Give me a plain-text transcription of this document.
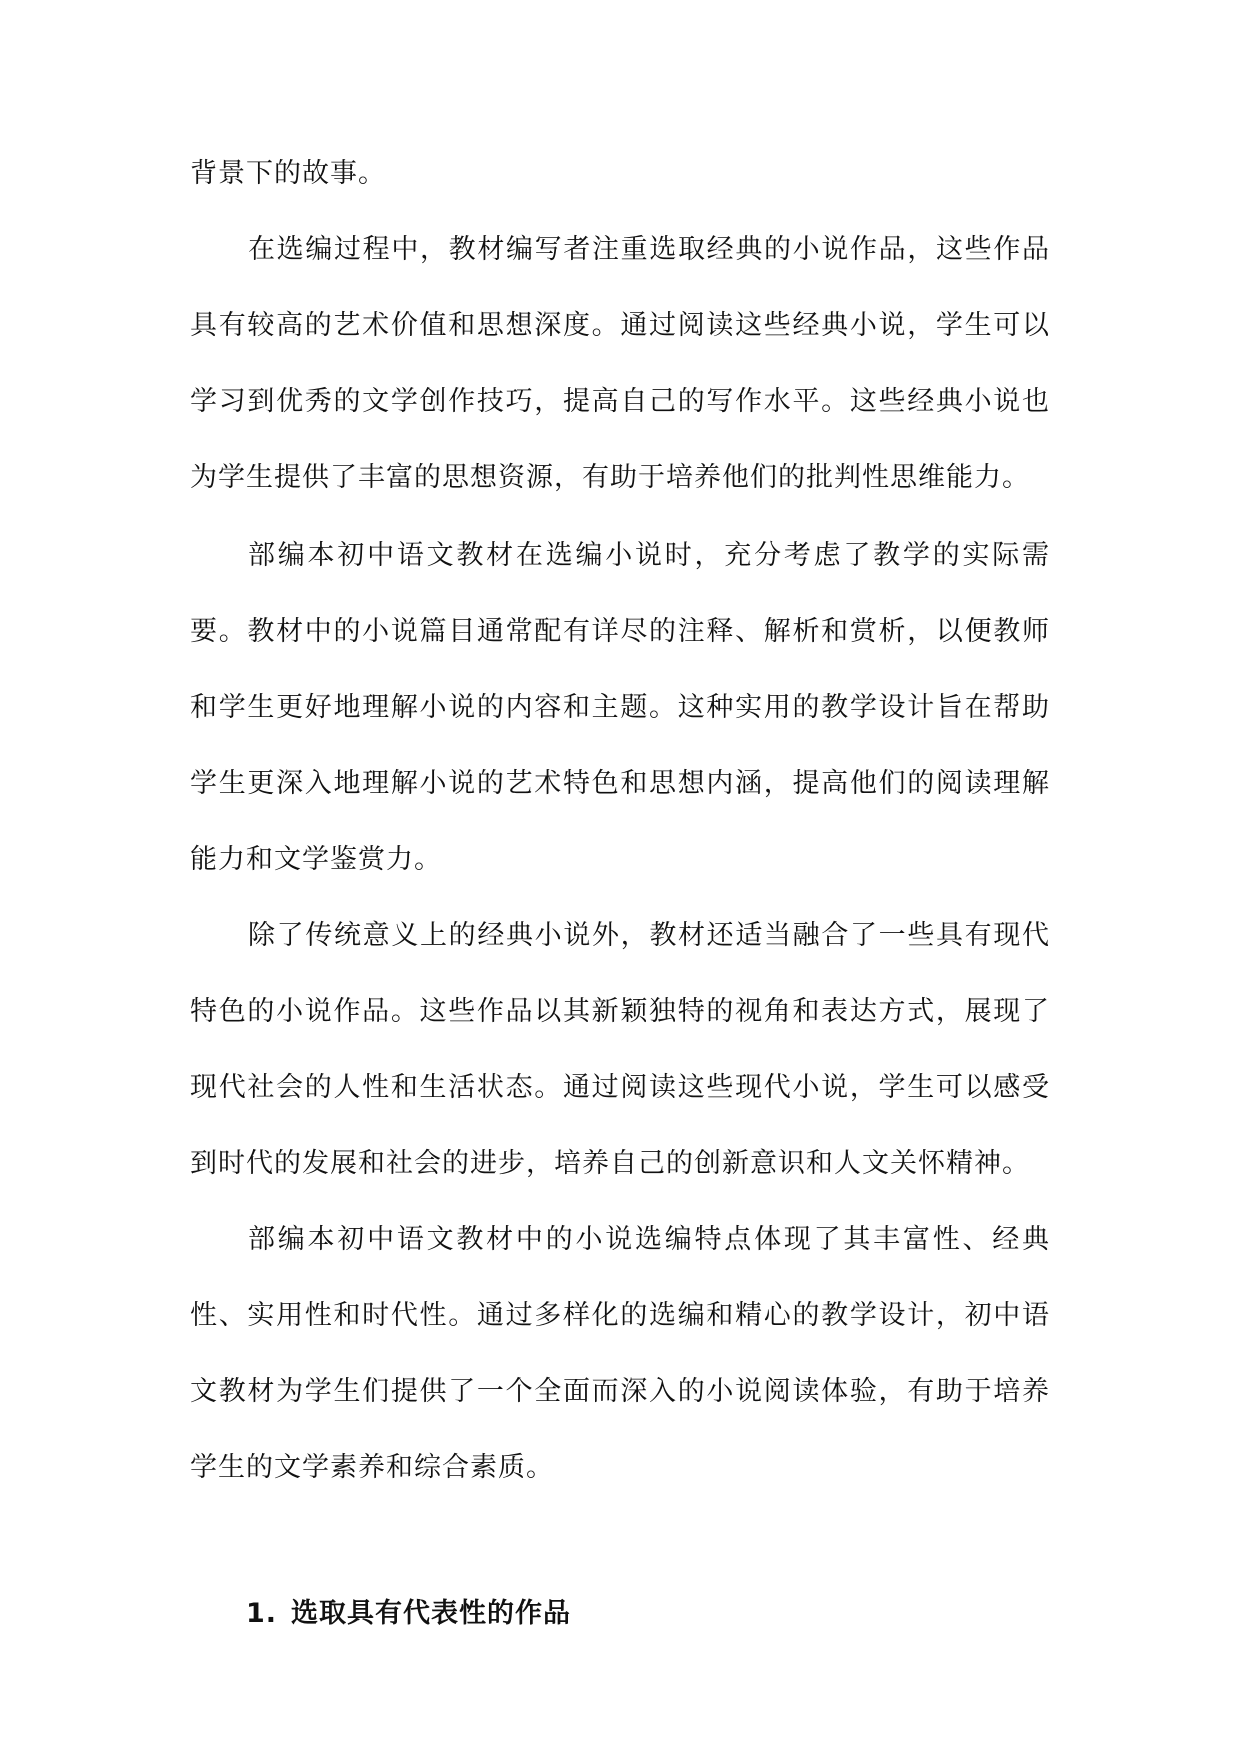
背景下的故事。
在选编过程中，教材编写者注重选取经典的小说作品，这些作品具有较高的艺术价值和思想深度。通过阅读这些经典小说，学生可以学习到优秀的文学创作技巧，提高自己的写作水平。这些经典小说也为学生提供了丰富的思想资源，有助于培养他们的批判性思维能力。
部编本初中语文教材在选编小说时，充分考虑了教学的实际需要。教材中的小说篇目通常配有详尽的注释、解析和赏析，以便教师和学生更好地理解小说的内容和主题。这种实用的教学设计旨在帮助学生更深入地理解小说的艺术特色和思想内涵，提高他们的阅读理解能力和文学鉴赏力。
除了传统意义上的经典小说外，教材还适当融合了一些具有现代特色的小说作品。这些作品以其新颖独特的视角和表达方式，展现了现代社会的人性和生活状态。通过阅读这些现代小说，学生可以感受到时代的发展和社会的进步，培养自己的创新意识和人文关怀精神。
部编本初中语文教材中的小说选编特点体现了其丰富性、经典性、实用性和时代性。通过多样化的选编和精心的教学设计，初中语文教材为学生们提供了一个全面而深入的小说阅读体验，有助于培养学生的文学素养和综合素质。
1. 选取具有代表性的作品
